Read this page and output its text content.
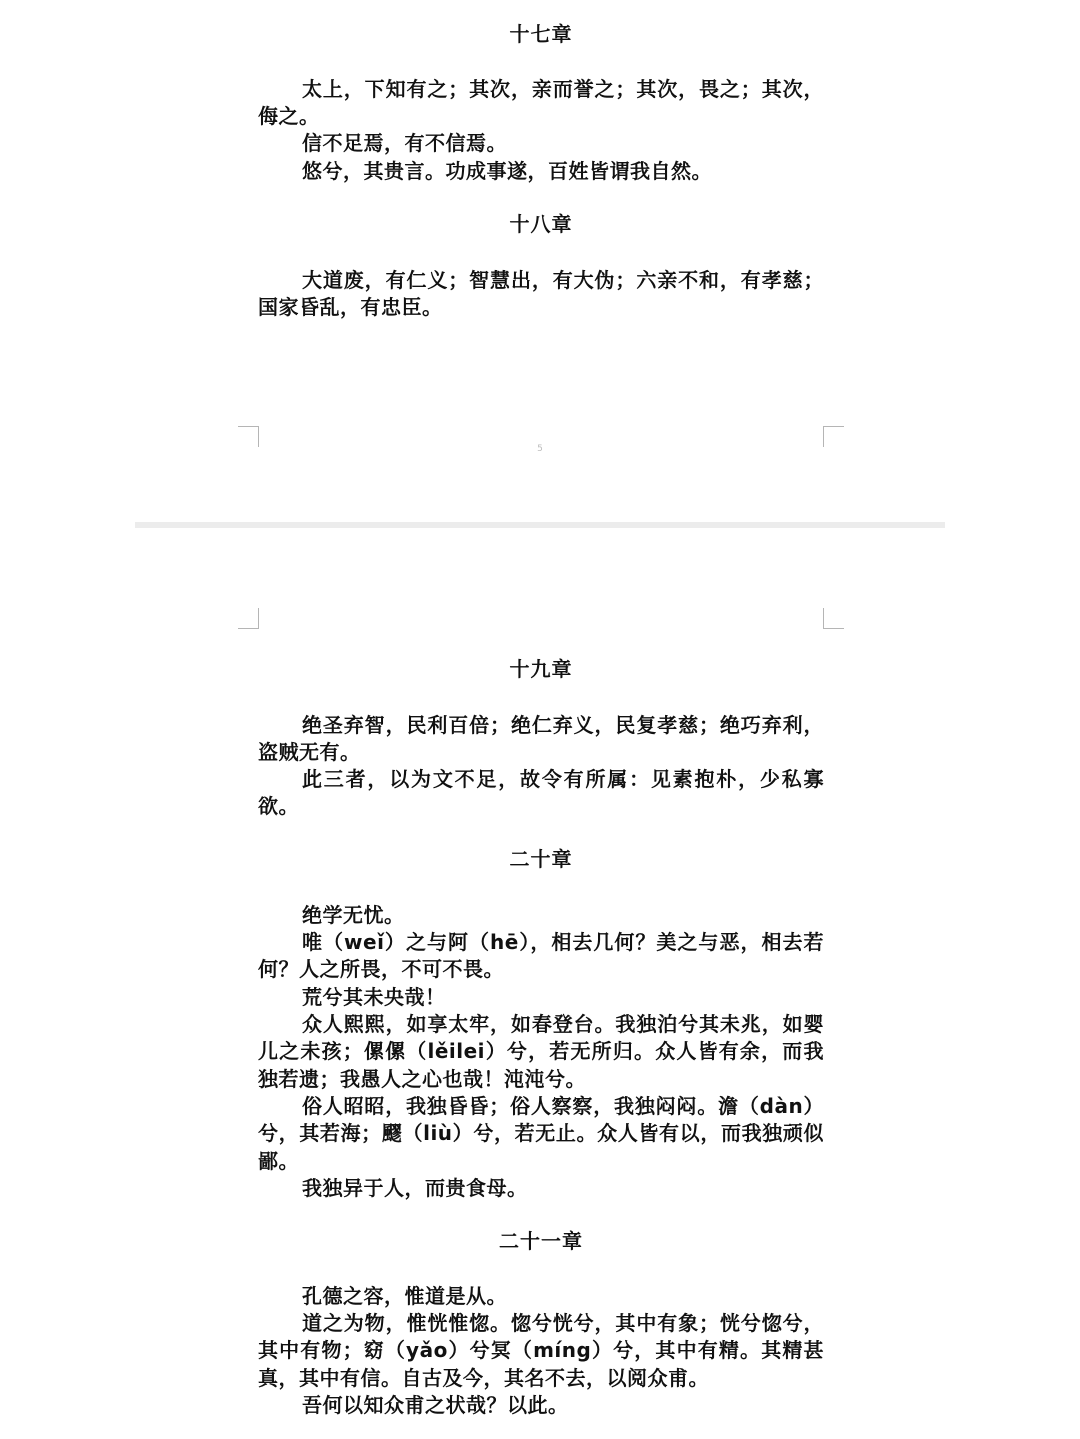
十七章
太上，下知有之；其次，亲而誉之；其次，畏之；其次，侮之。
信不足焉，有不信焉。
悠兮，其贵言。功成事遂，百姓皆谓我自然。
十八章
大道废，有仁义；智慧出，有大伪；六亲不和，有孝慈；国家昏乱，有忠臣。
5
十九章
绝圣弃智，民利百倍；绝仁弃义，民复孝慈；绝巧弃利，盗贼无有。
此三者，以为文不足，故令有所属：见素抱朴，少私寡欲。
二十章
绝学无忧。
唯（weǐ）之与阿（hē），相去几何？美之与恶，相去若何？人之所畏，不可不畏。
荒兮其未央哉！
众人熙熙，如享太牢，如春登台。我独泊兮其未兆，如婴儿之未孩；傫傫（lěilei）兮，若无所归。众人皆有余，而我独若遗；我愚人之心也哉！沌沌兮。
俗人昭昭，我独昏昏；俗人察察，我独闷闷。澹（dàn）兮，其若海；飂（liù）兮，若无止。众人皆有以，而我独顽似鄙。
我独异于人，而贵食母。
二十一章
孔德之容，惟道是从。
道之为物，惟恍惟惚。惚兮恍兮，其中有象；恍兮惚兮，其中有物；窈（yǎo）兮冥（míng）兮，其中有精。其精甚真，其中有信。自古及今，其名不去，以阅众甫。
吾何以知众甫之状哉？以此。
